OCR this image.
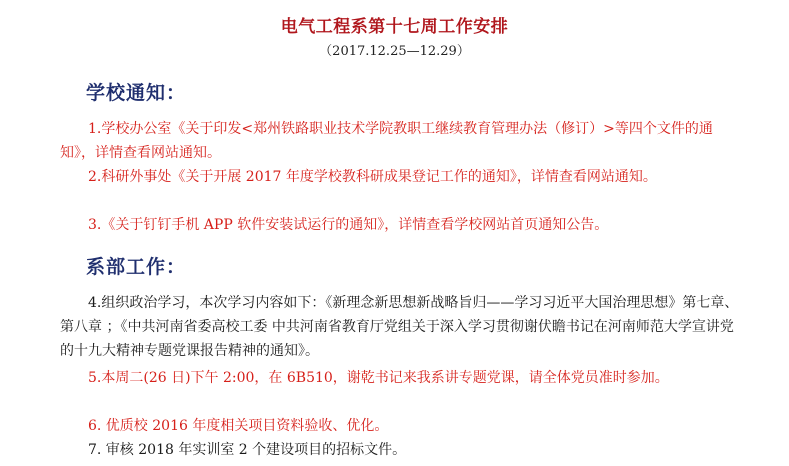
电气工程系第十七周工作安排
（2017.12.25—12.29）
学校通知：

1.学校办公室《关于印发<郑州铁路职业技术学院教职工继续教育管理办法（修订）>等四个文件的通知》，详情查看网站通知。

2.科研外事处《关于开展 2017 年度学校教科研成果登记工作的通知》，详情查看网站通知。

3.《关于钉钉手机 APP 软件安装试运行的通知》，详情查看学校网站首页通知公告。

系部工作：

4.组织政治学习，本次学习内容如下：《新理念新思想新战略旨归——学习习近平大国治理思想》第七章、第八章 ；《中共河南省委高校工委 中共河南省教育厅党组关于深入学习贯彻谢伏瞻书记在河南师范大学宣讲党的十九大精神专题党课报告精神的通知》。

5.本周二(26 日)下午 2:00，在 6B510，谢乾书记来我系讲专题党课，请全体党员准时参加。

6. 优质校 2016 年度相关项目资料验收、优化。

7. 审核 2018 年实训室 2 个建设项目的招标文件。
